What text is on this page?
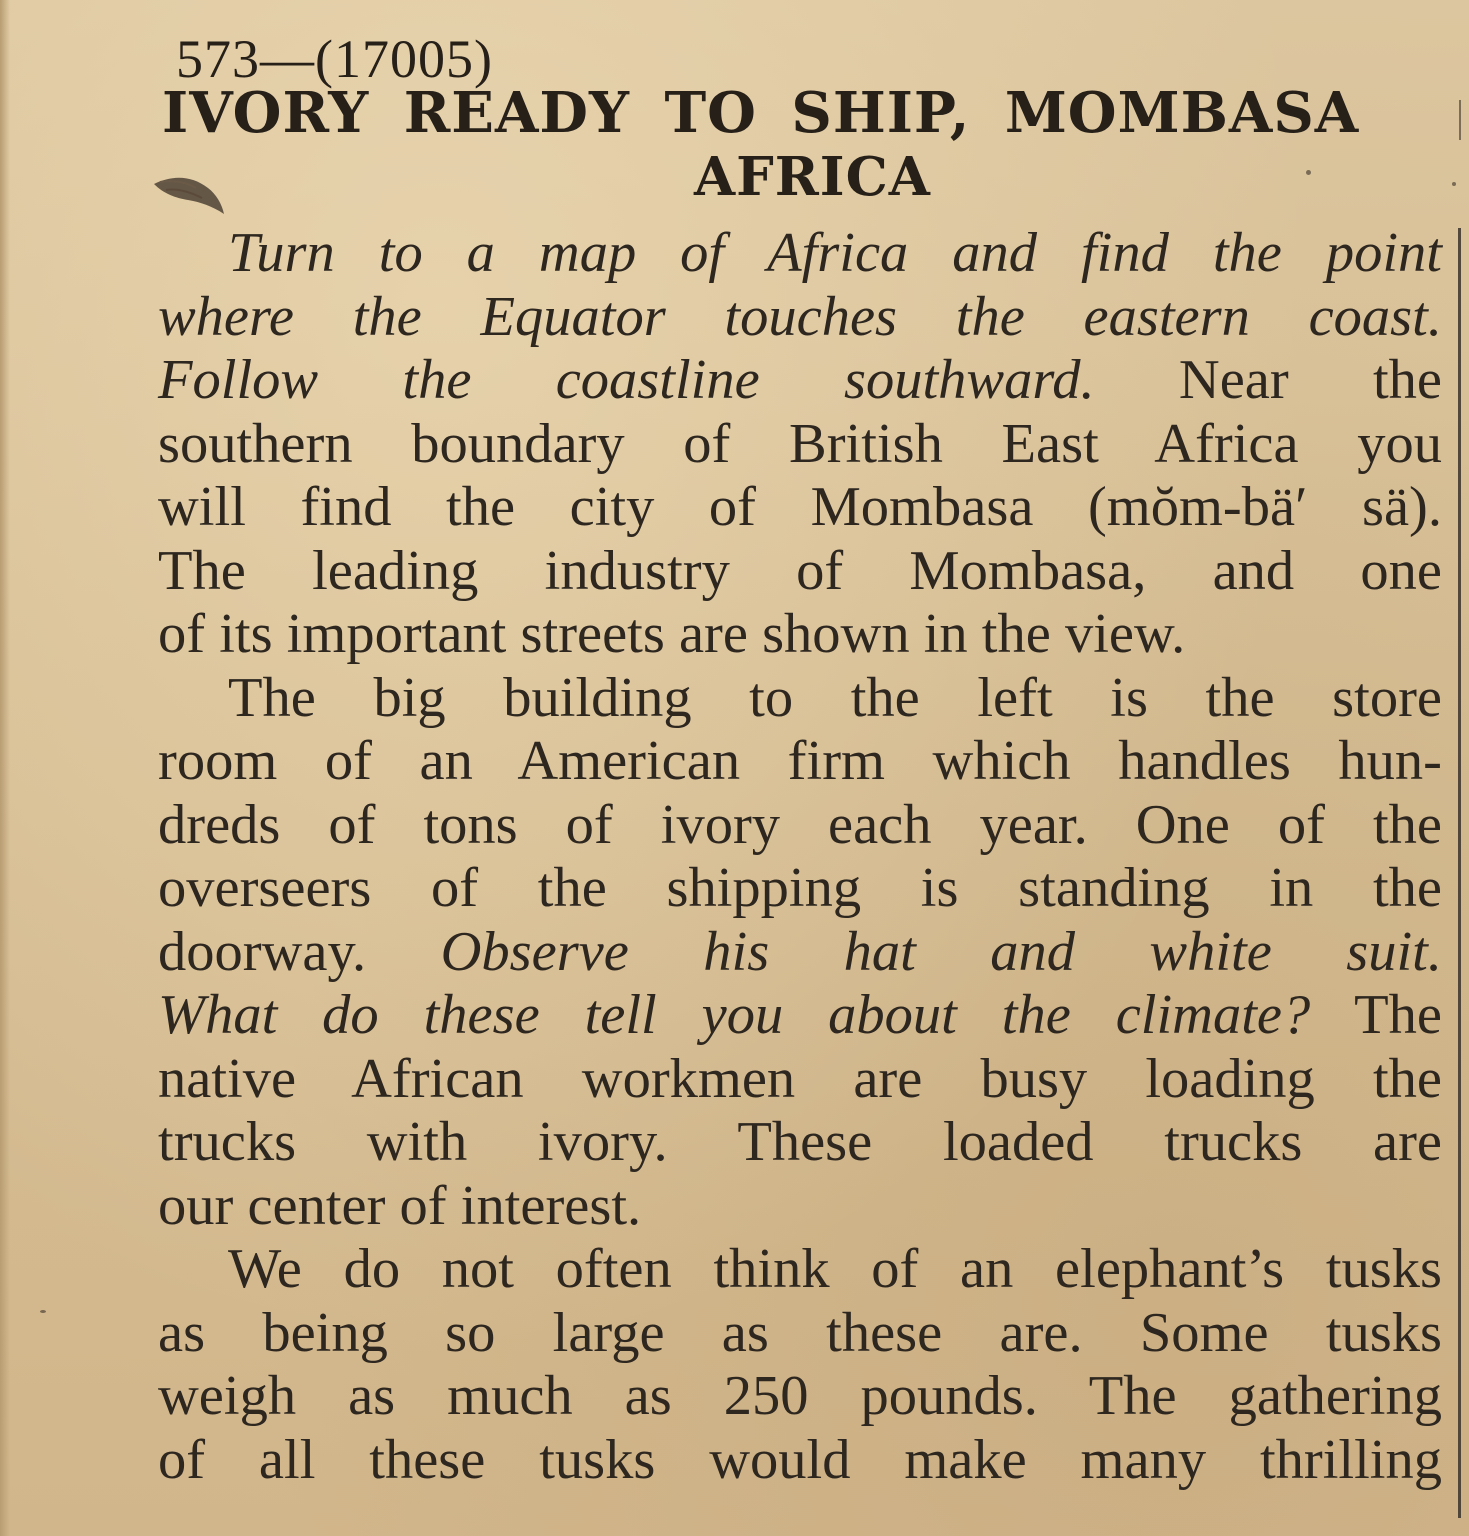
573—(17005)
IVORY READY TO SHIP, MOMBASA
AFRICA
Turn to a map of Africa and find the point
where the Equator touches the eastern coast.
Follow the coastline southward. Near the
southern boundary of British East Africa you
will find the city of Mombasa (mŏm-bä′ sä).
The leading industry of Mombasa, and one
of its important streets are shown in the view.
The big building to the left is the store
room of an American firm which handles hun-
dreds of tons of ivory each year. One of the
overseers of the shipping is standing in the
doorway. Observe his hat and white suit.
What do these tell you about the climate? The
native African workmen are busy loading the
trucks with ivory. These loaded trucks are
our center of interest.
We do not often think of an elephant’s tusks
as being so large as these are. Some tusks
weigh as much as 250 pounds. The gathering
of all these tusks would make many thrilling
